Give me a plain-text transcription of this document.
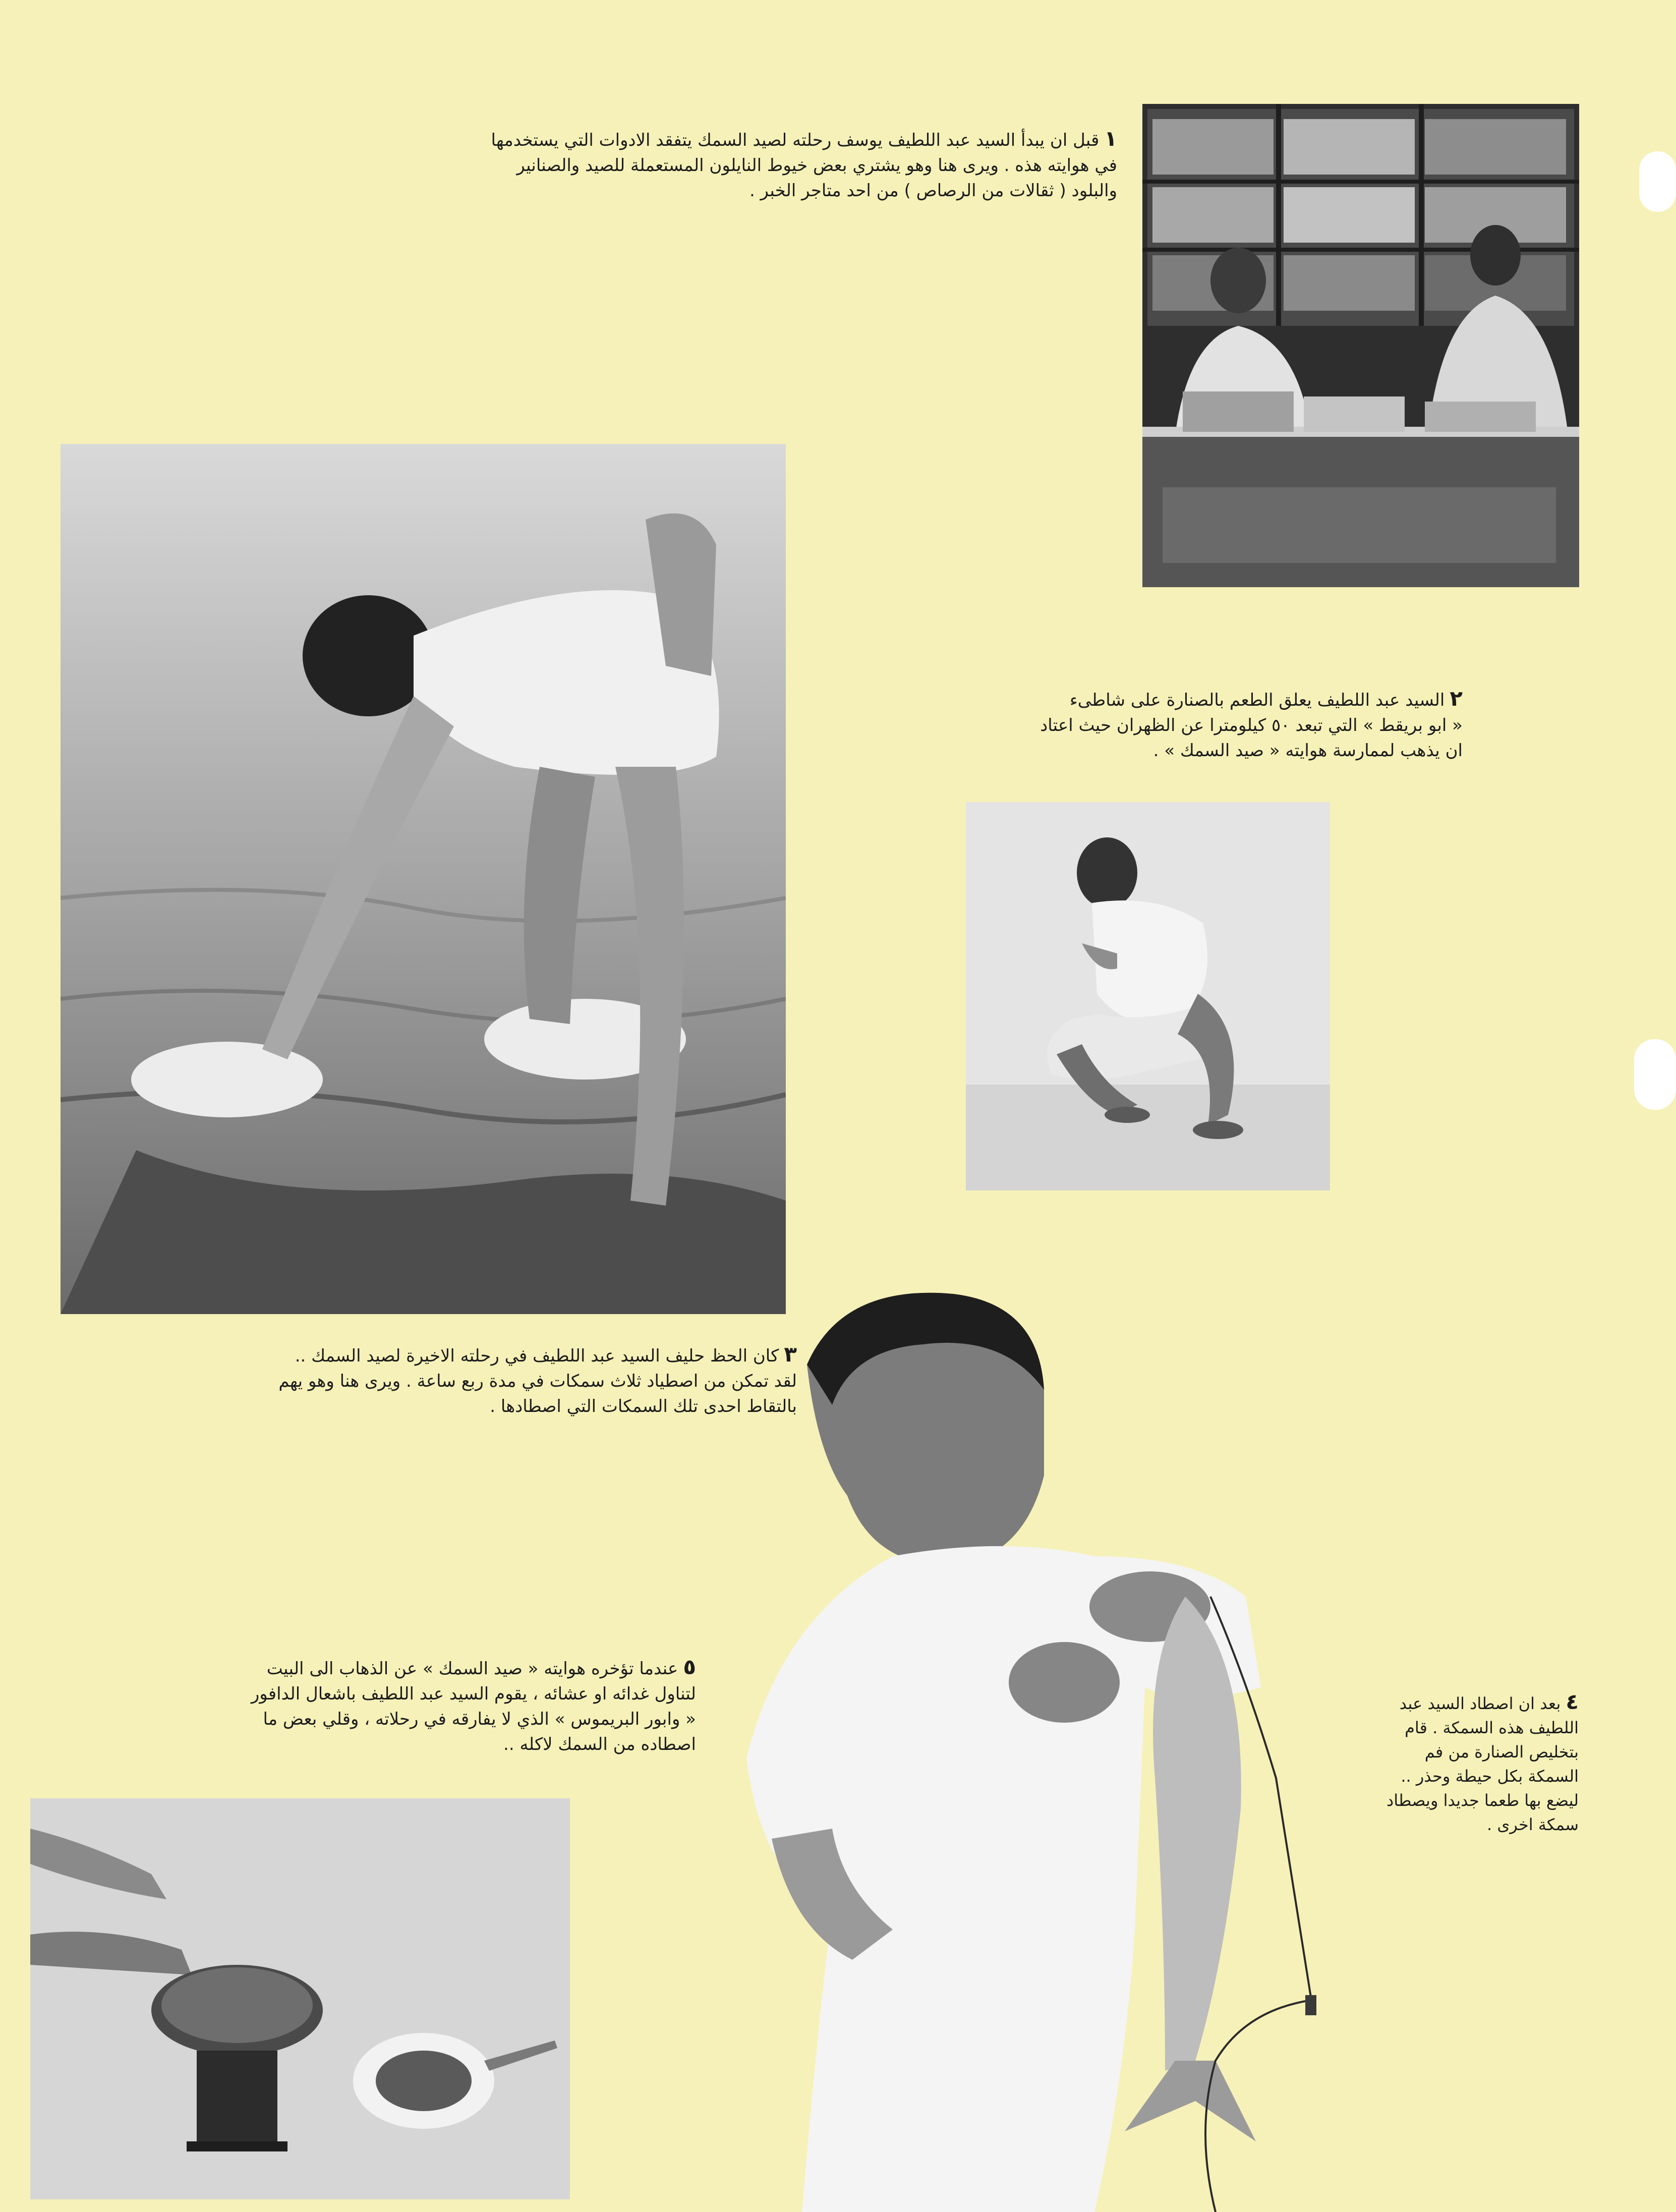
١قبل ان يبدأ السيد عبد اللطيف يوسف رحلته لصيد السمك يتفقد الادوات التي يستخدمها

في هوايته هذه . ويرى هنا وهو يشتري بعض خيوط النايلون المستعملة للصيد والصنانير

والبلود ( ثقالات من الرصاص ) من احد متاجر الخبر .

٢السيد عبد اللطيف يعلق الطعم بالصنارة على شاطىء

« ابو بريقط » التي تبعد ٥٠ كيلومترا عن الظهران حيث اعتاد

ان يذهب لممارسة هوايته « صيد السمك » .

٣كان الحظ حليف السيد عبد اللطيف في رحلته الاخيرة لصيد السمك ..

لقد تمكن من اصطياد ثلاث سمكات في مدة ربع ساعة . ويرى هنا وهو يهم

بالتقاط احدى تلك السمكات التي اصطادها .

٤بعد ان اصطاد السيد عبد

اللطيف هذه السمكة . قام

بتخليص الصنارة من فم

السمكة بكل حيطة وحذر ..

ليضع بها طعما جديدا ويصطاد

سمكة اخرى .

٥عندما تؤخره هوايته « صيد السمك » عن الذهاب الى البيت

لتناول غدائه او عشائه ، يقوم السيد عبد اللطيف باشعال الدافور

« وابور البريموس » الذي لا يفارقه في رحلاته ، وقلي بعض ما

اصطاده من السمك لاكله ..
